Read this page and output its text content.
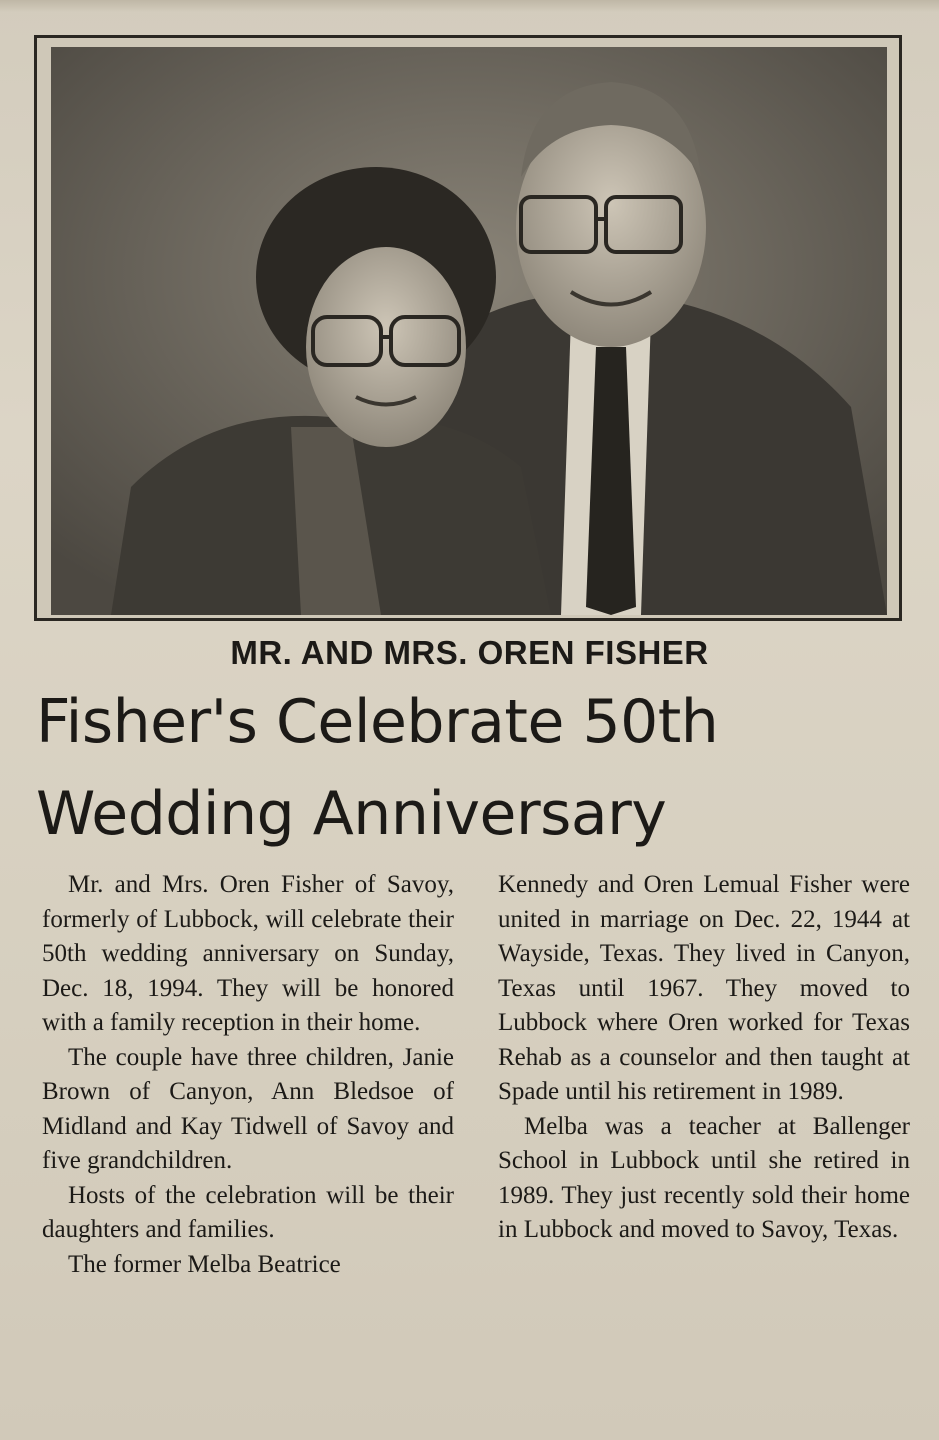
MR. AND MRS. OREN FISHER
Fisher's Celebrate 50th
Wedding Anniversary

Mr. and Mrs. Oren Fisher of Savoy, formerly of Lubbock, will celebrate their 50th wedding anniversary on Sunday, Dec. 18, 1994. They will be honored with a family reception in their home.

The couple have three children, Janie Brown of Canyon, Ann Bledsoe of Midland and Kay Tidwell of Savoy and five grandchildren.

Hosts of the celebration will be their daughters and families.

The former Melba Beatrice

Kennedy and Oren Lemual Fisher were united in marriage on Dec. 22, 1944 at Wayside, Texas. They lived in Canyon, Texas until 1967. They moved to Lubbock where Oren worked for Texas Rehab as a counselor and then taught at Spade until his retirement in 1989.

Melba was a teacher at Ballenger School in Lubbock until she retired in 1989. They just recently sold their home in Lubbock and moved to Savoy, Texas.
